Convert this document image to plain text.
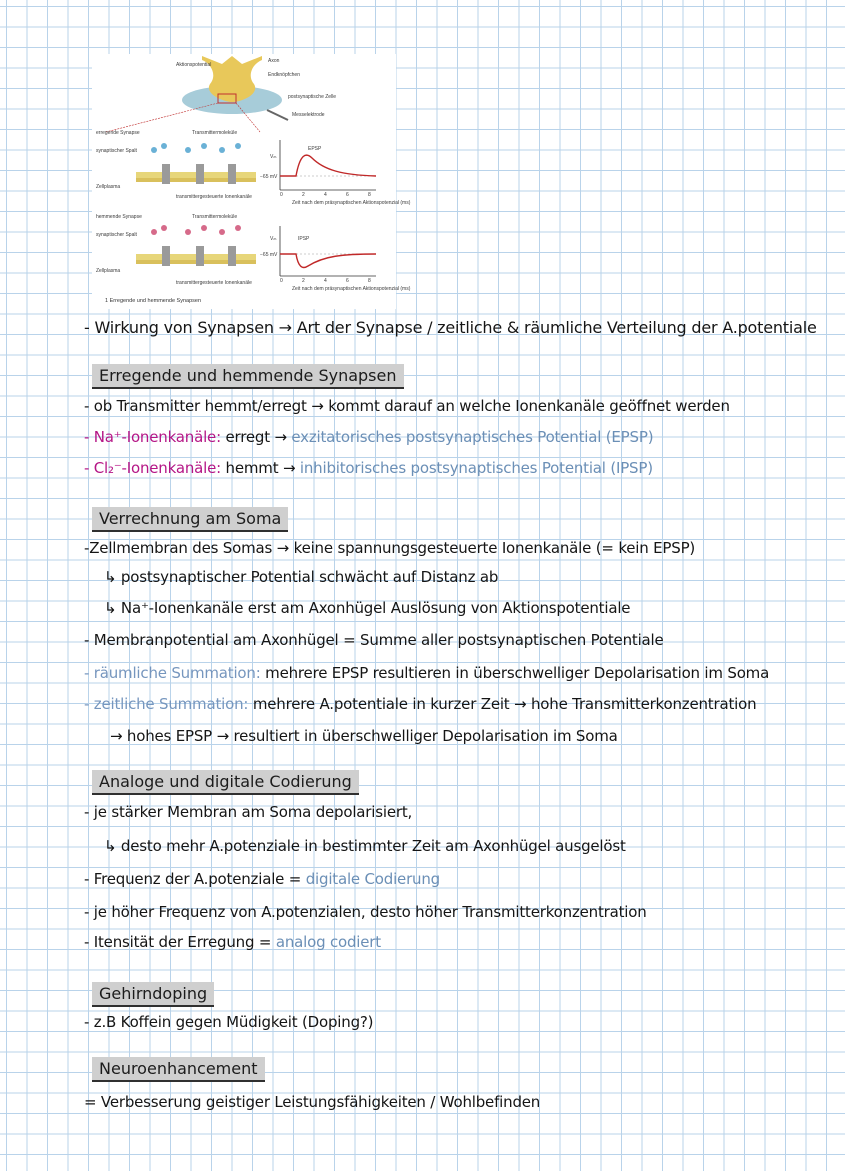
Aktionspotential
Axon
Endknöpfchen
postsynaptische Zelle
Messelektrode
erregende Synapse	Transmittermoleküle
synaptischer Spalt
Zellplasma
transmittergesteuerte Ionenkanäle
EPSP
Vₘ
−65 mV
Zeit nach dem präsynaptischen Aktionspotenzial (ms)
0	2	4	6	8
hemmende Synapse	Transmittermoleküle
synaptischer Spalt
Zellplasma
transmittergesteuerte Ionenkanäle
IPSP
Vₘ
−65 mV
0	2	4	6	8
Zeit nach dem präsynaptischen Aktionspotenzial (ms)
1 Erregende und hemmende Synapsen

- Wirkung von Synapsen → Art der Synapse / zeitliche & räumliche Verteilung der A.potentiale

Erregende und hemmende Synapsen

- ob Transmitter hemmt/erregt → kommt darauf an welche Ionenkanäle geöffnet werden

- Na⁺-Ionenkanäle: erregt → exzitatorisches postsynaptisches Potential (EPSP)

- Cl₂⁻-Ionenkanäle: hemmt → inhibitorisches postsynaptisches Potential (IPSP)

Verrechnung am Soma

-Zellmembran des Somas → keine spannungsgesteuerte Ionenkanäle (= kein EPSP)

↳ postsynaptischer Potential schwächt auf Distanz ab

↳ Na⁺-Ionenkanäle erst am Axonhügel Auslösung von Aktionspotentiale

- Membranpotential am Axonhügel = Summe aller postsynaptischen Potentiale

- räumliche Summation: mehrere EPSP resultieren in überschwelliger Depolarisation im Soma

- zeitliche Summation: mehrere A.potentiale in kurzer Zeit → hohe Transmitterkonzentration

→ hohes EPSP → resultiert in überschwelliger Depolarisation im Soma

Analoge und digitale Codierung

- je stärker Membran am Soma depolarisiert,

↳ desto mehr A.potenziale in bestimmter Zeit am Axonhügel ausgelöst

- Frequenz der A.potenziale = digitale Codierung

- je höher Frequenz von A.potenzialen, desto höher Transmitterkonzentration

- Itensität der Erregung = analog codiert

Gehirndoping

- z.B Koffein gegen Müdigkeit (Doping?)

Neuroenhancement

= Verbesserung geistiger Leistungsfähigkeiten / Wohlbefinden
